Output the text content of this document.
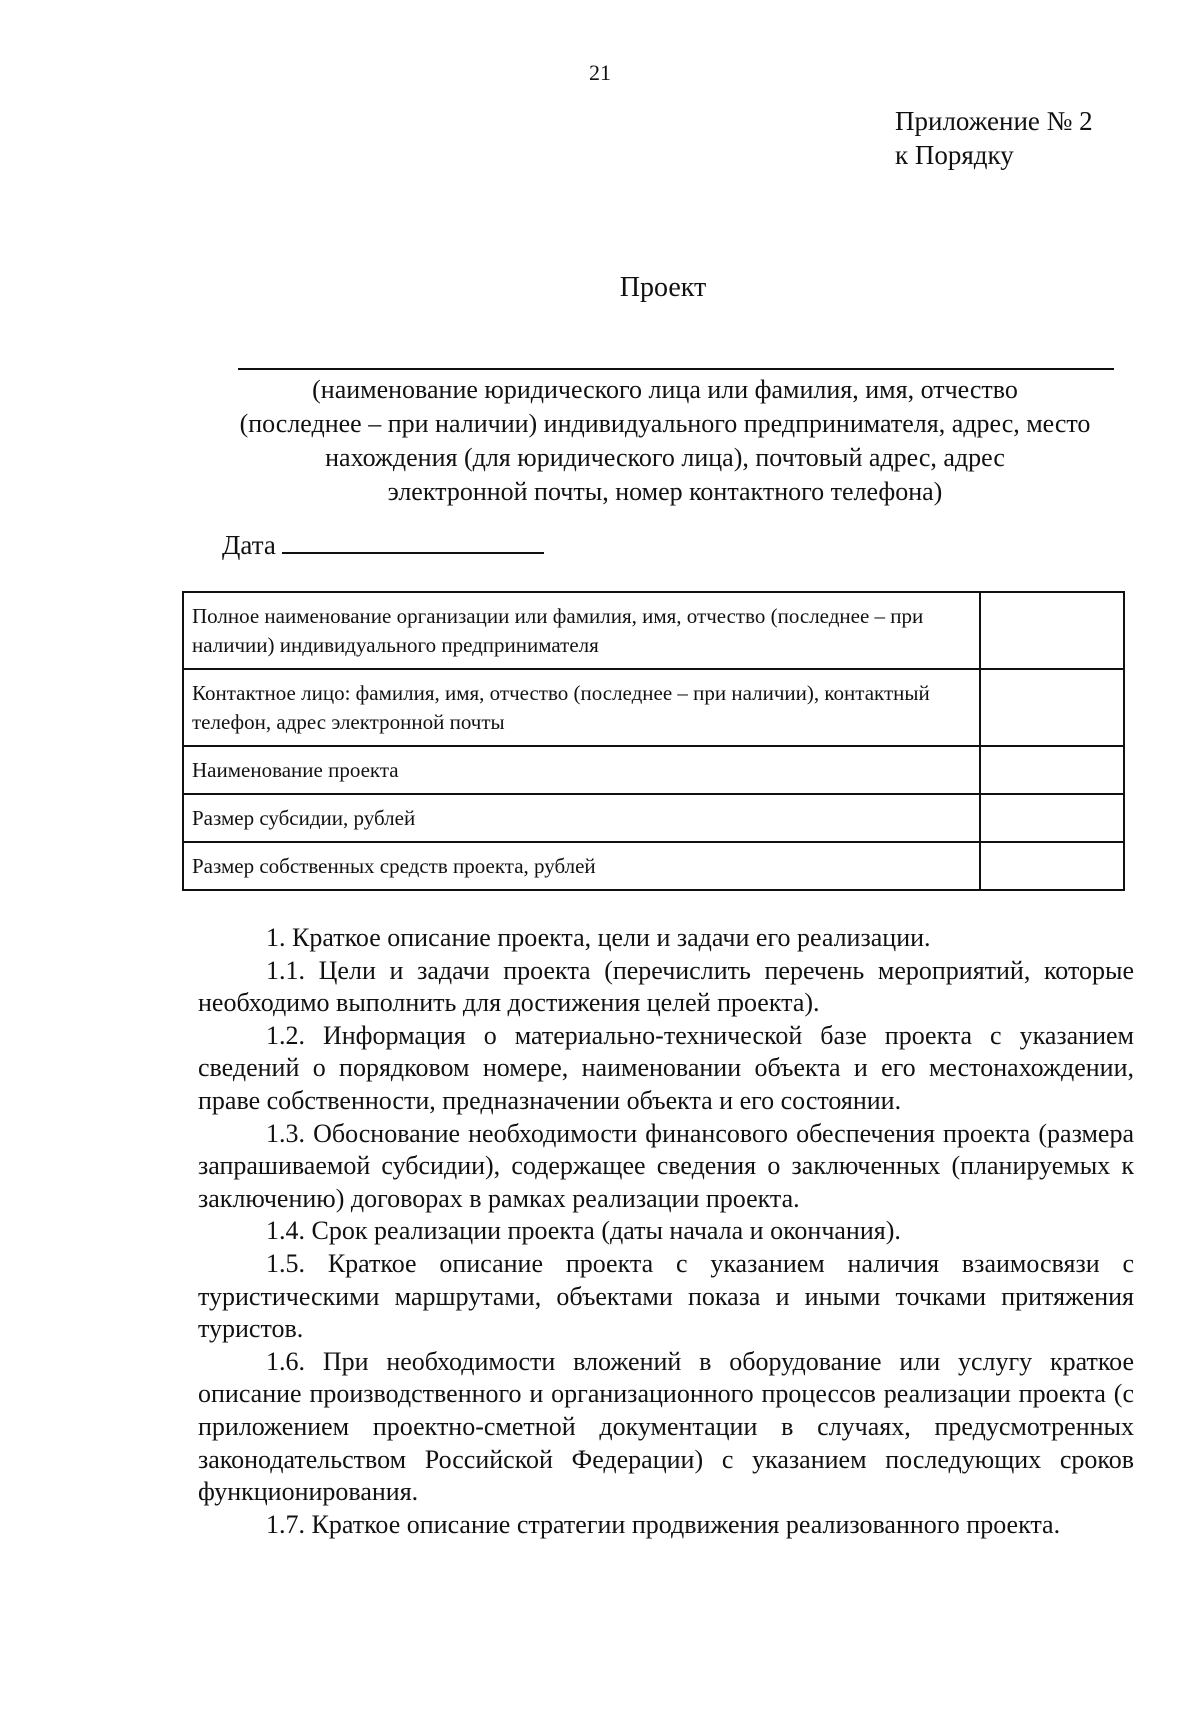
21
Приложение № 2
к Порядку
Проект
(наименование юридического лица или фамилия, имя, отчество
(последнее – при наличии) индивидуального предпринимателя, адрес, место
нахождения (для юридического лица), почтовый адрес, адрес
электронной почты, номер контактного телефона)
Дата
Полное наименование организации или фамилия, имя, отчество (последнее – при наличии) индивидуального предпринимателя	
Контактное лицо: фамилия, имя, отчество (последнее – при наличии), контактный телефон, адрес электронной почты	
Наименование проекта	
Размер субсидии, рублей	
Размер собственных средств проекта, рублей	

1. Краткое описание проекта, цели и задачи его реализации.

1.1. Цели и задачи проекта (перечислить перечень мероприятий, которые необходимо выполнить для достижения целей проекта).

1.2. Информация о материально-технической базе проекта с указанием сведений о порядковом номере, наименовании объекта и его местонахождении, праве собственности, предназначении объекта и его состоянии.

1.3. Обоснование необходимости финансового обеспечения проекта (размера запрашиваемой субсидии), содержащее сведения о заключенных (планируемых к заключению) договорах в рамках реализации проекта.

1.4. Срок реализации проекта (даты начала и окончания).

1.5. Краткое описание проекта с указанием наличия взаимосвязи с туристическими маршрутами, объектами показа и иными точками притяжения туристов.

1.6. При необходимости вложений в оборудование или услугу краткое описание производственного и организационного процессов реализации проекта (с приложением проектно-сметной документации в случаях, предусмотренных законодательством Российской Федерации) с указанием последующих сроков функционирования.

1.7. Краткое описание стратегии продвижения реализованного проекта.
